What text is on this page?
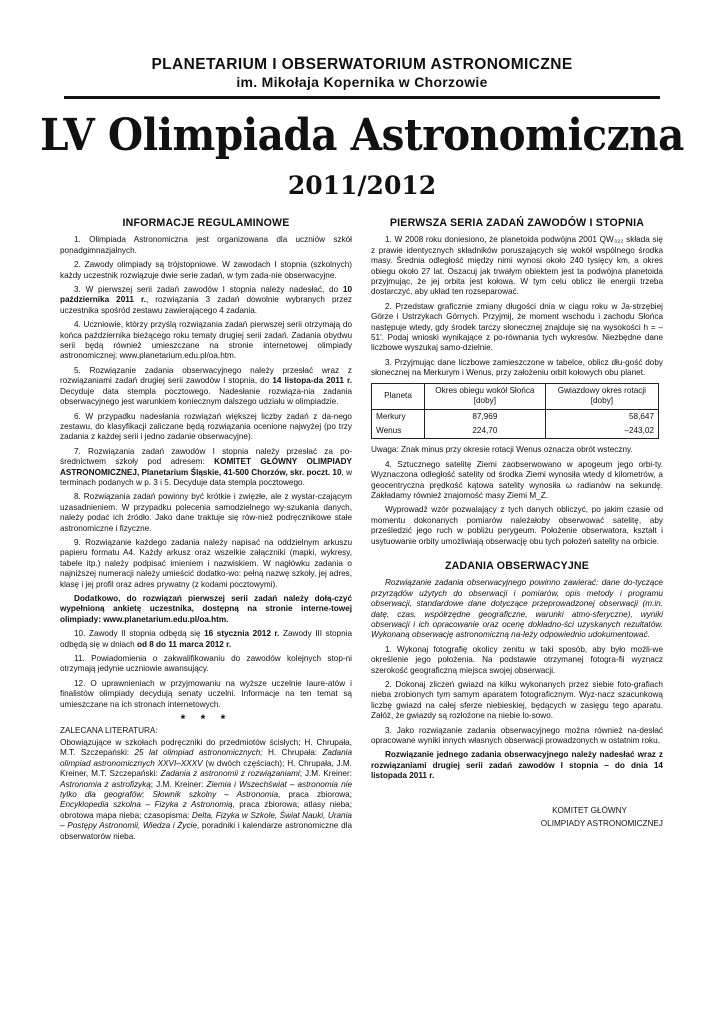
PLANETARIUM I OBSERWATORIUM ASTRONOMICZNE
im. Mikołaja Kopernika w Chorzowie
LV Olimpiada Astronomiczna
2011/2012
INFORMACJE REGULAMINOWE

1. Olimpiada Astronomiczna jest organizowana dla uczniów szkół ponadgimnazjalnych.

2. Zawody olimpiady są trójstopniowe. W zawodach I stopnia (szkolnych) każdy uczestnik rozwiązuje dwie serie zadań, w tym zada-nie obserwacyjne.

3. W pierwszej serii zadań zawodów I stopnia należy nadesłać, do 10 października 2011 r., rozwiązania 3 zadań dowolnie wybranych przez uczestnika spośród zestawu zawierającego 4 zadania.

4. Uczniowie, którzy przyślą rozwiązania zadań pierwszej serii otrzymają do końca października bieżącego roku tematy drugiej serii zadań. Zadania obydwu serii będą również umieszczane na stronie internetowej olimpiady astronomicznej: www.planetarium.edu.pl/oa.htm.

5. Rozwiązanie zadania obserwacyjnego należy przesłać wraz z rozwiązaniami zadań drugiej serii zawodów I stopnia, do 14 listopa-da 2011 r. Decyduje data stempla pocztowego. Nadesłanie rozwiąza-nia zadania obserwacyjnego jest warunkiem koniecznym dalszego udziału w olimpiadzie.

6. W przypadku nadesłania rozwiązań większej liczby zadań z da-nego zestawu, do klasyfikacji zaliczane będą rozwiązania ocenione najwyżej (po trzy zadania z każdej serii i jedno zadanie obserwacyjne).

7. Rozwiązania zadań zawodów I stopnia należy przesłać za po-średnictwem szkoły pod adresem: KOMITET GŁÓWNY OLIMPIADY ASTRONOMICZNEJ, Planetarium Śląskie, 41-500 Chorzów, skr. poczt. 10, w terminach podanych w p. 3 i 5. Decyduje data stempla pocztowego.

8. Rozwiązania zadań powinny być krótkie i zwięzłe, ale z wystar-czającym uzasadnieniem. W przypadku polecenia samodzielnego wy-szukania danych, należy podać ich źródło. Jako dane traktuje się rów-nież podręcznikowe stałe astronomiczne i fizyczne.

9. Rozwiązanie każdego zadania należy napisać na oddzielnym arkuszu papieru formatu A4. Każdy arkusz oraz wszelkie załączniki (mapki, wykresy, tabele itp.) należy podpisać imieniem i nazwiskiem. W nagłówku zadania o najniższej numeracji należy umieścić dodatko-wo: pełną nazwę szkoły, jej adres, klasę i jej profil oraz adres prywatny (z kodami pocztowymi).

Dodatkowo, do rozwiązań pierwszej serii zadań należy dołą-czyć wypełnioną ankietę uczestnika, dostępną na stronie interne-towej olimpiady: www.planetarium.edu.pl/oa.htm.

10. Zawody II stopnia odbędą się 16 stycznia 2012 r. Zawody III stopnia odbędą się w dniach od 8 do 11 marca 2012 r.

11. Powiadomienia o zakwalifikowaniu do zawodów kolejnych stop-ni otrzymają jedynie uczniowie awansujący.

12. O uprawnieniach w przyjmowaniu na wyższe uczelnie laure-atów i finalistów olimpiady decydują senaty uczelni. Informacje na ten temat są umieszczane na ich stronach internetowych.

* * *

ZALECANA LITERATURA:

Obowiązujące w szkołach podręczniki do przedmiotów ścisłych; H. Chrupała, M.T. Szczepański: 25 lat olimpiad astronomicznych; H. Chrupała: Zadania olimpiad astronomicznych XXVI–XXXV (w dwóch częściach); H. Chrupała, J.M. Kreiner, M.T. Szczepański: Zadania z astronomii z rozwiązaniami; J.M. Kreiner: Astronomia z astrofizyką; J.M. Kreiner: Ziemia i Wszechświat – astronomia nie tylko dla geografów; Słownik szkolny – Astronomia, praca zbiorowa; Encyklopedia szkolna – Fizyka z Astronomią, praca zbiorowa; atlasy nieba; obrotowa mapa nieba; czasopisma: Delta, Fizyka w Szkole, Świat Nauki, Urania – Postępy Astronomii, Wiedza i Życie, poradniki i kalendarze astronomiczne dla obserwatorów nieba.

PIERWSZA SERIA ZADAŃ ZAWODÓW I STOPNIA

1. W 2008 roku doniesiono, że planetoida podwójna 2001 QW₃₂₂ składa się z prawie identycznych składników poruszających się wokół wspólnego środka masy. Średnia odległość między nimi wynosi około 240 tysięcy km, a okres obiegu około 27 lat. Oszacuj jak trwałym obiektem jest ta podwójna planetoida przyjmując, że jej orbita jest kołowa. W tym celu oblicz ile energii trzeba dostarczyć, aby układ ten rozseparować.

2. Przedstaw graficznie zmiany długości dnia w ciągu roku w Ja-strzębiej Górze i Ustrzykach Górnych. Przyjmij, że moment wschodu i zachodu Słońca następuje wtedy, gdy środek tarczy słonecznej znajduje się na wysokości h = – 51'. Podaj wnioski wynikające z po-równania tych wykresów. Niezbędne dane liczbowe wyszukaj samo-dzielnie.

3. Przyjmując dane liczbowe zamieszczone w tabelce, oblicz dłu-gość doby słonecznej na Merkurym i Wenus, przy założeniu orbit kołowych obu planet.

Planeta	Okres obiegu wokół Słońca [doby]	Gwiazdowy okres rotacji [doby]
Merkury	87,969	58,647
Wenus	224,70	–243,02

Uwaga: Znak minus przy okresie rotacji Wenus oznacza obrót wsteczny.

4. Sztucznego satelitę Ziemi zaobserwowano w apogeum jego orbi-ty. Wyznaczona odległość satelity od środka Ziemi wynosiła wtedy d kilometrów, a geocentryczna prędkość kątowa satelity wynosiła ω radianów na sekundę. Zakładamy również znajomość masy Ziemi M_Z.

Wyprowadź wzór pozwalający z tych danych obliczyć, po jakim czasie od momentu dokonanych pomiarów należałoby obserwować satelitę, aby prześledzić jego ruch w pobliżu perygeum. Położenie obserwatora, kształt i usytuowanie orbity umożliwiają obserwację obu tych położeń satelity na orbicie.

ZADANIA OBSERWACYJNE

Rozwiązanie zadania obserwacyjnego powinno zawierać: dane do-tyczące przyrządów użytych do obserwacji i pomiarów, opis metody i programu obserwacji, standardowe dane dotyczące przeprowadzonej obserwacji (m.in. datę, czas, współrzędne geograficzne, warunki atmo-sferyczne), wyniki obserwacji i ich opracowanie oraz ocenę dokładno-ści uzyskanych rezultatów. Wykonaną obserwację astronomiczną na-leży odpowiednio udokumentować.

1. Wykonaj fotografię okolicy zenitu w taki sposób, aby było możli-we określenie jego położenia. Na podstawie otrzymanej fotogra-fii wyznacz szerokość geograficzną miejsca swojej obserwacji.

2. Dokonaj zliczeń gwiazd na kilku wykonanych przez siebie foto-grafiach nieba zrobionych tym samym aparatem fotograficznym. Wyz-nacz szacunkową liczbę gwiazd na całej sferze niebieskiej, będących w zasięgu tego aparatu. Załóż, że gwiazdy są rozłożone na niebie lo-sowo.

3. Jako rozwiązanie zadania obserwacyjnego można również na-desłać opracowane wyniki innych własnych obserwacji prowadzonych w ostatnim roku.

Rozwiązanie jednego zadania obserwacyjnego należy nadesłać wraz z rozwiązaniami drugiej serii zadań zawodów I stopnia – do dnia 14 listopada 2011 r.

KOMITET GŁÓWNY
OLIMPIADY ASTRONOMICZNEJ
